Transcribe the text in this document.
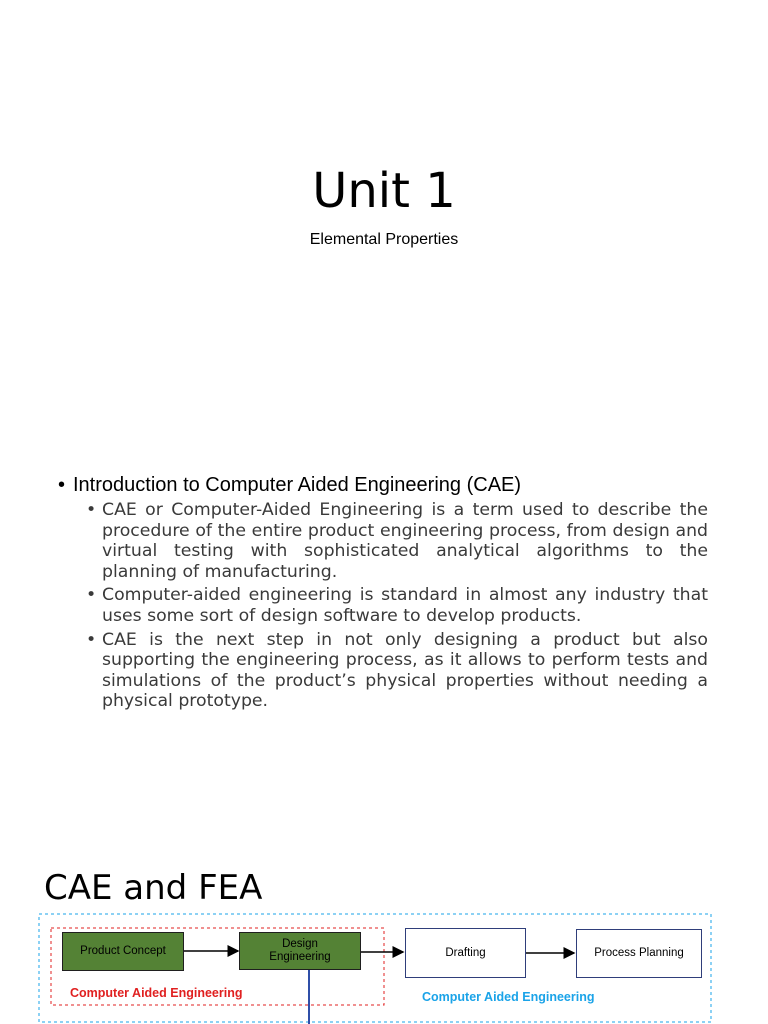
Unit 1
Elemental Properties
• Introduction to Computer Aided Engineering (CAE)
• CAE or Computer-Aided Engineering is a term used to describe the procedure of the entire product engineering process, from design and virtual testing with sophisticated analytical algorithms to the planning of manufacturing.
• Computer-aided engineering is standard in almost any industry that uses some sort of design software to develop products.
• CAE is the next step in not only designing a product but also supporting the engineering process, as it allows to perform tests and simulations of the product’s physical properties without needing a physical prototype.
CAE and FEA
Product Concept
Design Engineering	Drafting	Process Planning
Computer Aided Engineering	Computer Aided Engineering
